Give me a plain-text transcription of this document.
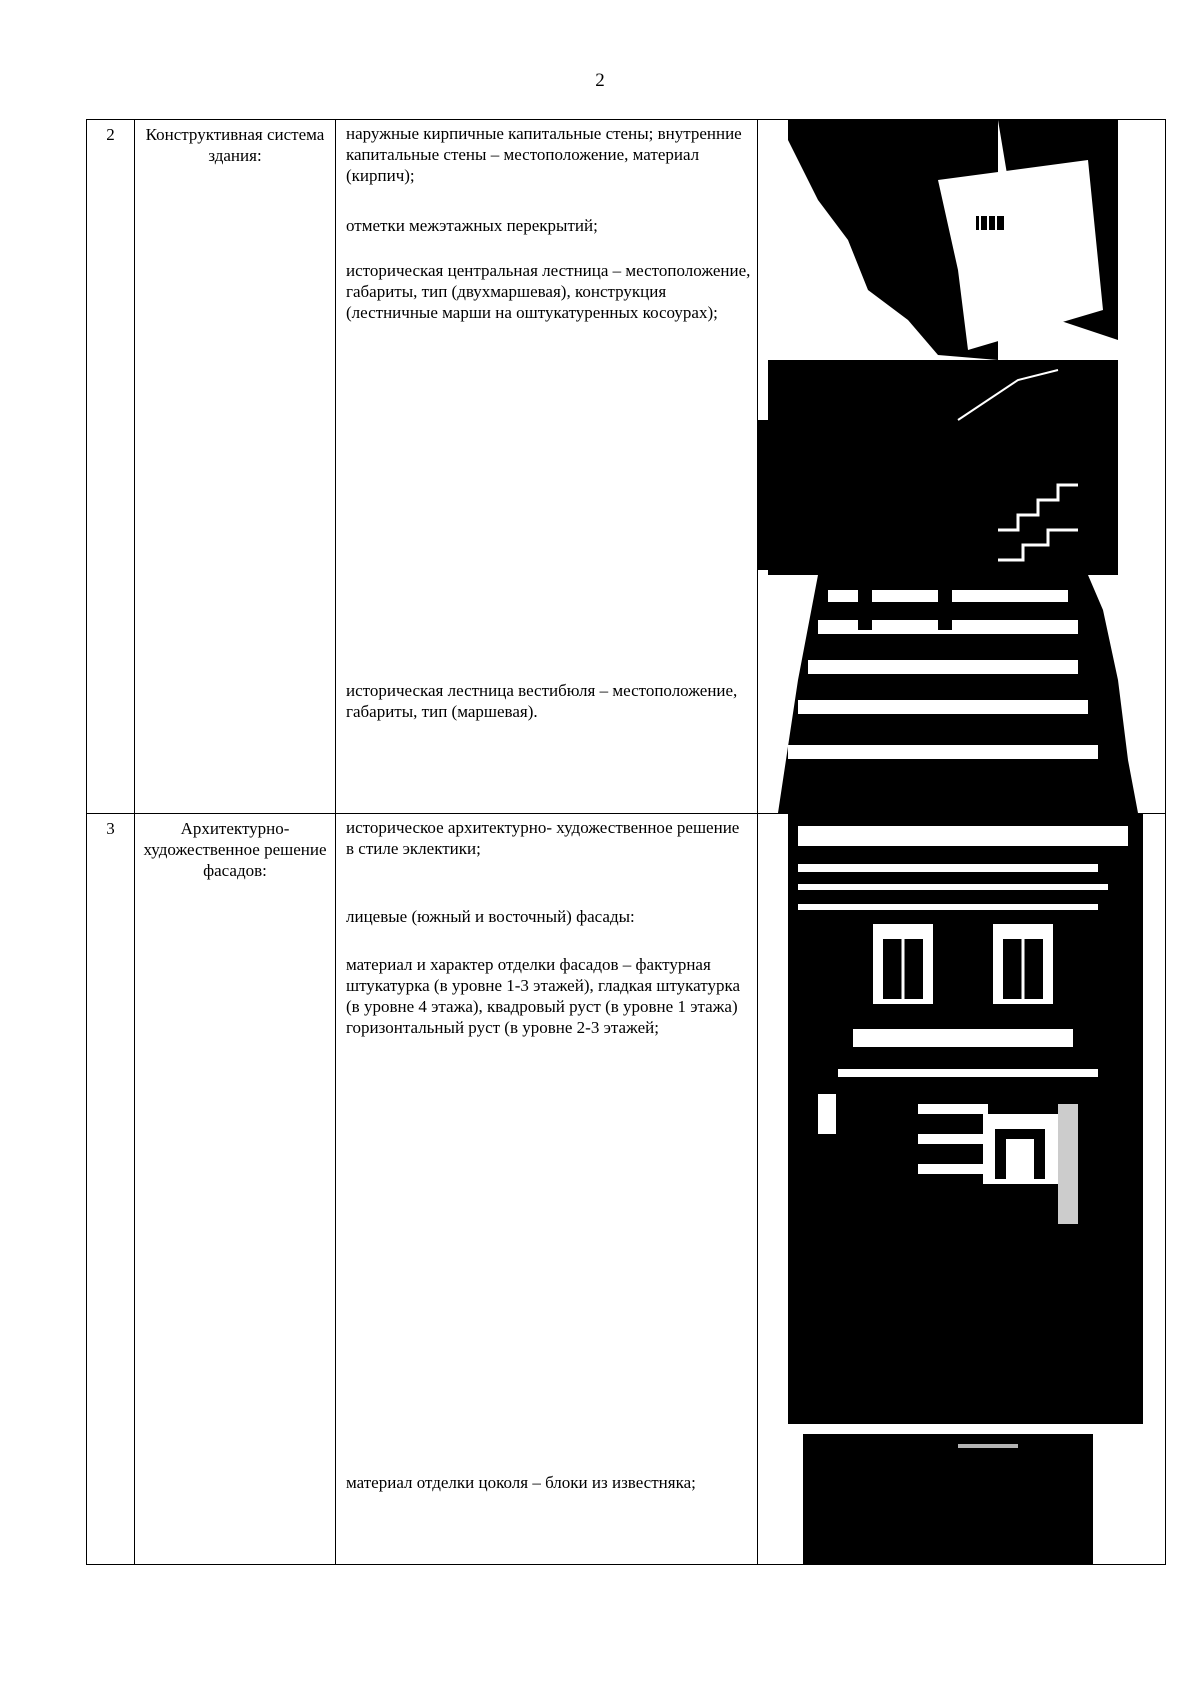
2
2	Конструктивная система здания:	наружные кирпичные капитальные стены; внутренние капитальные стены – местоположение, материал (кирпич);
отметки межэтажных перекрытий;
историческая центральная лестница – местоположение, габариты, тип (двухмаршевая), конструкция (лестничные марши на оштукатуренных косоурах);
историческая лестница вестибюля – местоположение, габариты, тип (маршевая).

3	Архитектурно-художественное решение фасадов:	историческое архитектурно- художественное решение в стиле эклектики;
лицевые (южный и восточный) фасады:
материал и характер отделки фасадов – фактурная штукатурка (в уровне 1-3 этажей), гладкая штукатурка (в уровне 4 этажа), квадровый руст (в уровне 1 этажа) горизонтальный руст (в уровне 2-3 этажей;
материал отделки цоколя – блоки из известняка;
